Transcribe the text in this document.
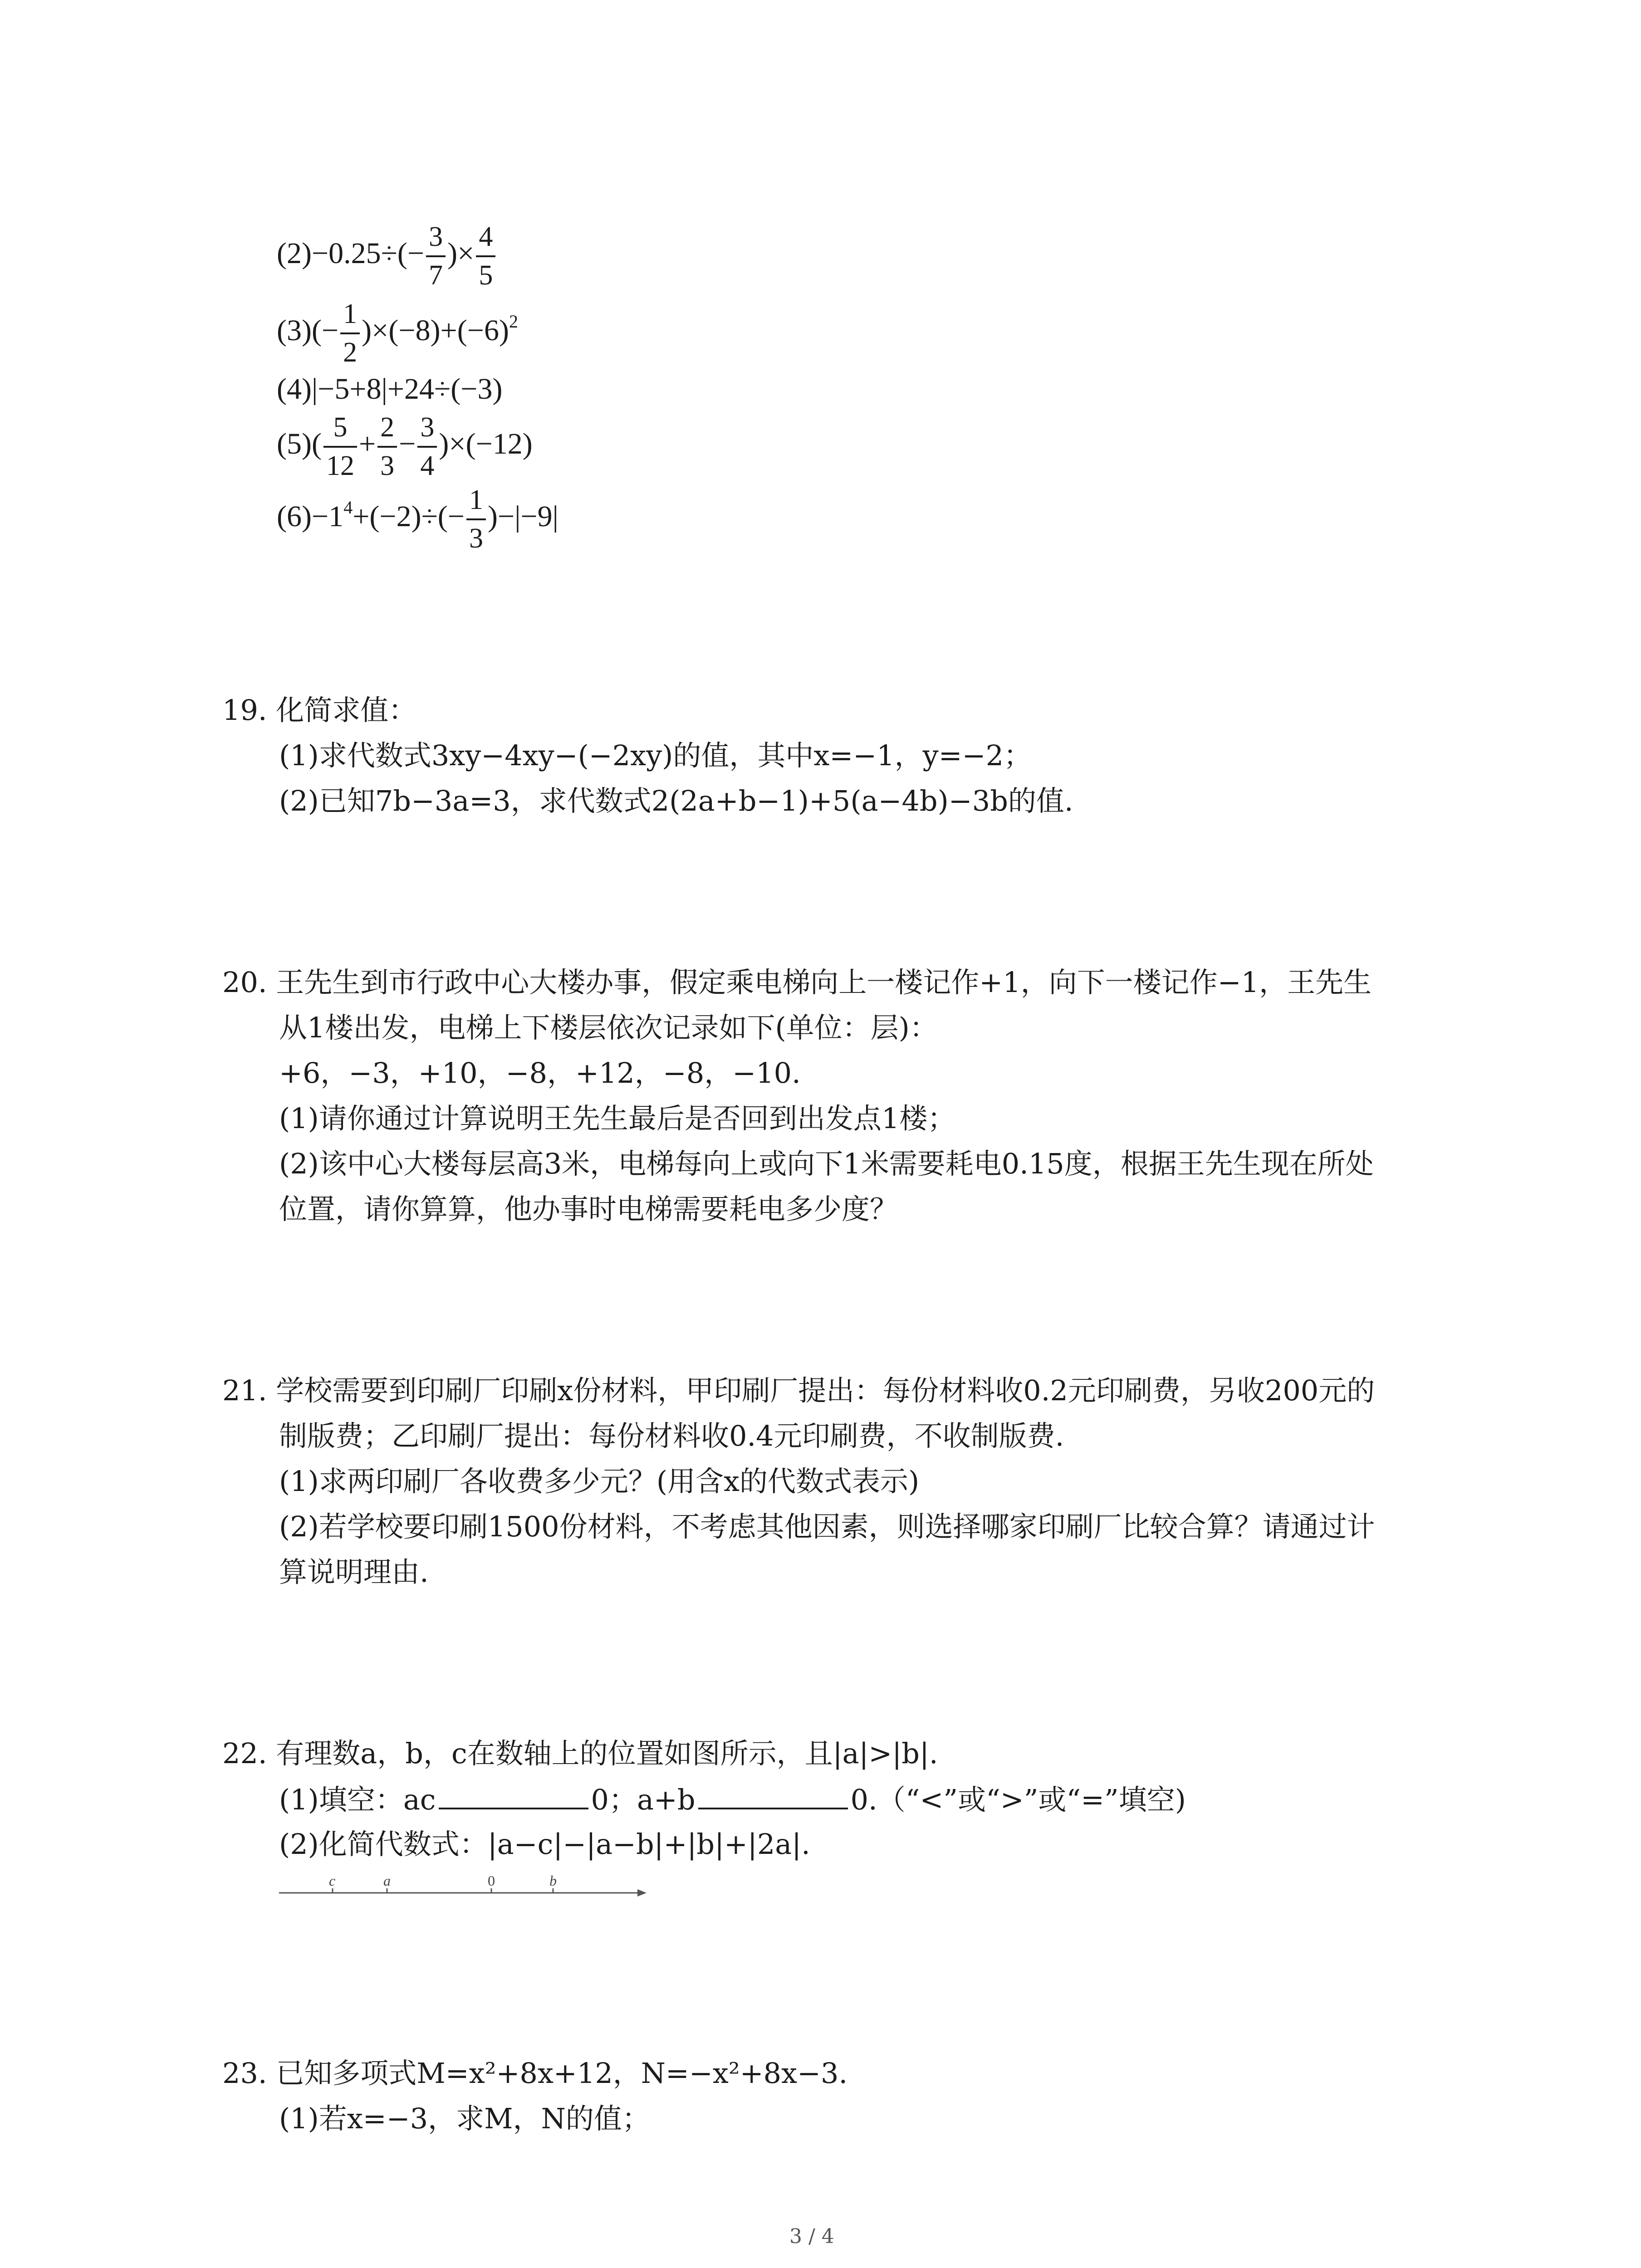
$(2)-0.25\div(- \frac{3}{7}$ )× $\frac{4}{5}$
$(3)(- \frac{1}{2} )\times(-8)+(-6)^2$
(4)|−5+8|+24÷(−3)
$(5)( \frac{5}{12} + \frac{2}{3} - \frac{3}{4} )\times(-12)$
$(6)-1^4+(-2)\div(- \frac{1}{3} )-|-9|$
19. 化简求值：
(1)求代数式3xy−4xy−(−2xy)的值，其中x=−1，y=−2；
(2)已知7b−3a=3，求代数式2(2a+b−1)+5(a−4b)−3b的值.
20. 王先生到市行政中心大楼办事，假定乘电梯向上一楼记作+1，向下一楼记作−1，王先生
从1楼出发，电梯上下楼层依次记录如下(单位：层)：
+6，−3，+10，−8，+12，−8，−10.
(1)请你通过计算说明王先生最后是否回到出发点1楼；
(2)该中心大楼每层高3米，电梯每向上或向下1米需要耗电0.15度，根据王先生现在所处
位置，请你算算，他办事时电梯需要耗电多少度？
21. 学校需要到印刷厂印刷x份材料，甲印刷厂提出：每份材料收0.2元印刷费，另收200元的
制版费；乙印刷厂提出：每份材料收0.4元印刷费，不收制版费.
(1)求两印刷厂各收费多少元？(用含x的代数式表示)
(2)若学校要印刷1500份材料，不考虑其他因素，则选择哪家印刷厂比较合算？请通过计
算说明理由.
22. 有理数a，b，c在数轴上的位置如图所示，且|a|>|b|.
(1)填空：ac	0；a+b	0.（“<”或“>”或“=”填空)
(2)化简代数式：|a−c|−|a−b|+|b|+|2a|.
c	a	0	b
23. 已知多项式M=x²+8x+12，N=−x²+8x−3.
(1)若x=−3，求M，N的值；
3 / 4
